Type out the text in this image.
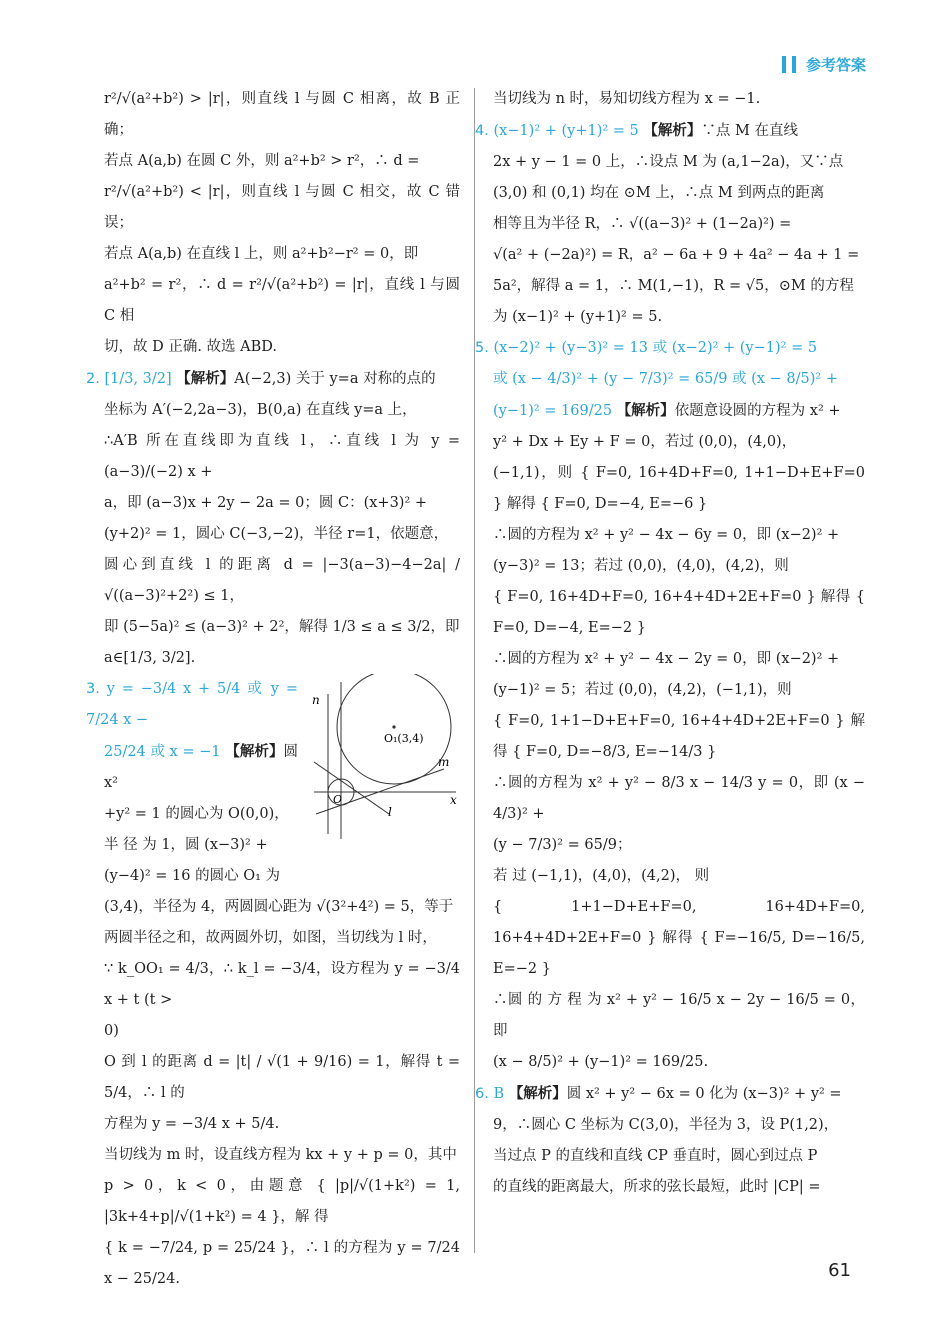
参考答案

r²/√(a²+b²) > |r|，则直线 l 与圆 C 相离，故 B 正确；

若点 A(a,b) 在圆 C 外，则 a²+b² > r²，∴ d =

r²/√(a²+b²) < |r|，则直线 l 与圆 C 相交，故 C 错误；

若点 A(a,b) 在直线 l 上，则 a²+b²−r² = 0，即

a²+b² = r²，∴ d = r²/√(a²+b²) = |r|，直线 l 与圆 C 相

切，故 D 正确. 故选 ABD.

2. [1/3, 3/2] 【解析】A(−2,3) 关于 y=a 对称的点的

坐标为 A′(−2,2a−3)，B(0,a) 在直线 y=a 上，

∴A′B 所在直线即为直线 l，∴直线 l 为 y = (a−3)/(−2) x +

a，即 (a−3)x + 2y − 2a = 0；圆 C：(x+3)² +

(y+2)² = 1，圆心 C(−3,−2)，半径 r=1，依题意，

圆心到直线 l 的距离 d = |−3(a−3)−4−2a| / √((a−3)²+2²) ≤ 1，

即 (5−5a)² ≤ (a−3)² + 2²，解得 1/3 ≤ a ≤ 3/2，即

a∈[1/3, 3/2].

n
O₁(3,4)
m
O
l
x

3. y = −3/4 x + 5/4 或 y = 7/24 x −

25/24 或 x = −1 【解析】圆 x²

+y² = 1 的圆心为 O(0,0)，

半 径 为 1，圆 (x−3)² +

(y−4)² = 16 的圆心 O₁ 为

(3,4)，半径为 4，两圆圆心距为 √(3²+4²) = 5，等于

两圆半径之和，故两圆外切，如图，当切线为 l 时，

∵ k_OO₁ = 4/3，∴ k_l = −3/4，设方程为 y = −3/4 x + t (t >

0)

O 到 l 的距离 d = |t| / √(1 + 9/16) = 1，解得 t = 5/4，∴ l 的

方程为 y = −3/4 x + 5/4.

当切线为 m 时，设直线方程为 kx + y + p = 0，其中

p > 0，k < 0，由题意 { |p|/√(1+k²) = 1, |3k+4+p|/√(1+k²) = 4 }，解 得

{ k = −7/24, p = 25/24 }，∴ l 的方程为 y = 7/24 x − 25/24.

当切线为 n 时，易知切线方程为 x = −1.

4. (x−1)² + (y+1)² = 5 【解析】∵点 M 在直线

2x + y − 1 = 0 上，∴设点 M 为 (a,1−2a)，又∵点

(3,0) 和 (0,1) 均在 ⊙M 上，∴点 M 到两点的距离

相等且为半径 R，∴ √((a−3)² + (1−2a)²) =

√(a² + (−2a)²) = R，a² − 6a + 9 + 4a² − 4a + 1 =

5a²，解得 a = 1，∴ M(1,−1)，R = √5，⊙M 的方程

为 (x−1)² + (y+1)² = 5.

5. (x−2)² + (y−3)² = 13 或 (x−2)² + (y−1)² = 5

或 (x − 4/3)² + (y − 7/3)² = 65/9 或 (x − 8/5)² +

(y−1)² = 169/25 【解析】依题意设圆的方程为 x² +

y² + Dx + Ey + F = 0，若过 (0,0)，(4,0)，

(−1,1)，则 { F=0, 16+4D+F=0, 1+1−D+E+F=0 } 解得 { F=0, D=−4, E=−6 }

∴圆的方程为 x² + y² − 4x − 6y = 0，即 (x−2)² +

(y−3)² = 13；若过 (0,0)，(4,0)，(4,2)，则

{ F=0, 16+4D+F=0, 16+4+4D+2E+F=0 } 解得 { F=0, D=−4, E=−2 }

∴圆的方程为 x² + y² − 4x − 2y = 0，即 (x−2)² +

(y−1)² = 5；若过 (0,0)，(4,2)，(−1,1)，则

{ F=0, 1+1−D+E+F=0, 16+4+4D+2E+F=0 } 解得 { F=0, D=−8/3, E=−14/3 }

∴圆的方程为 x² + y² − 8/3 x − 14/3 y = 0，即 (x − 4/3)² +

(y − 7/3)² = 65/9；

若 过 (−1,1)，(4,0)，(4,2)， 则

{ 1+1−D+E+F=0, 16+4D+F=0, 16+4+4D+2E+F=0 } 解得 { F=−16/5, D=−16/5, E=−2 }

∴圆 的 方 程 为 x² + y² − 16/5 x − 2y − 16/5 = 0，即

(x − 8/5)² + (y−1)² = 169/25.

6. B 【解析】圆 x² + y² − 6x = 0 化为 (x−3)² + y² =

9，∴圆心 C 坐标为 C(3,0)，半径为 3，设 P(1,2)，

当过点 P 的直线和直线 CP 垂直时，圆心到过点 P

的直线的距离最大，所求的弦长最短，此时 |CP| =

61
